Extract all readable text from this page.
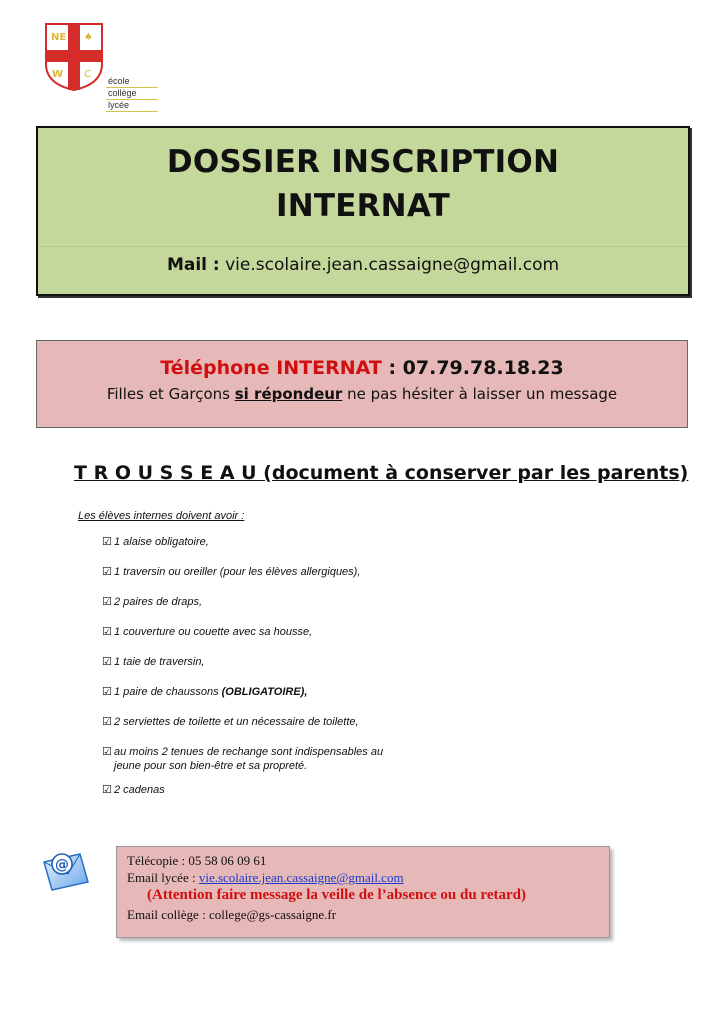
NE ♠
W C
école
collège
lycée
DOSSIER INSCRIPTION
INTERNAT
Mail : vie.scolaire.jean.cassaigne@gmail.com
Téléphone INTERNAT : 07.79.78.18.23
Filles et Garçons si répondeur ne pas hésiter à laisser un message
T R O U S S E A U (document à conserver par les parents)
Les élèves internes doivent avoir :
☑ 1 alaise obligatoire,
☑ 1 traversin ou oreiller (pour les élèves allergiques),
☑ 2 paires de draps,
☑ 1 couverture ou couette avec sa housse,
☑ 1 taie de traversin,
☑ 1 paire de chaussons (OBLIGATOIRE),
☑ 2 serviettes de toilette et un nécessaire de toilette,
☑ au moins 2 tenues de rechange sont indispensables au jeune pour son bien-être et sa propreté.
☑ 2 cadenas
@	Télécopie : 05 58 06 09 61
Email lycée : vie.scolaire.jean.cassaigne@gmail.com
(Attention faire message la veille de l’absence ou du retard)
Email collège : college@gs-cassaigne.fr
